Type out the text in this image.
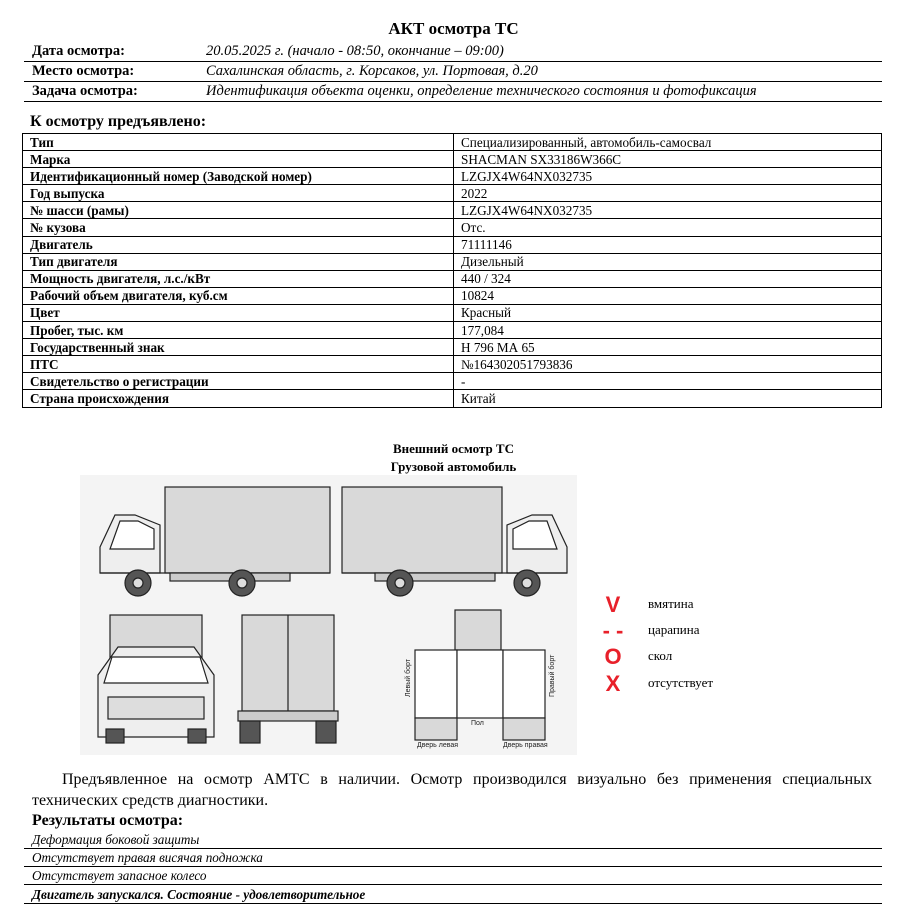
АКТ осмотра ТС
Дата осмотра:	20.05.2025 г. (начало - 08:50, окончание – 09:00)
Место осмотра:	Сахалинская область, г. Корсаков, ул. Портовая, д.20
Задача осмотра:	Идентификация объекта оценки, определение технического состояния и фотофиксация
К осмотру предъявлено:
Тип	Специализированный, автомобиль-самосвал
Марка	SHACMAN SX33186W366C
Идентификационный номер (Заводской номер)	LZGJX4W64NX032735
Год выпуска	2022
№ шасси (рамы)	LZGJX4W64NX032735
№ кузова	Отс.
Двигатель	71111146
Тип двигателя	Дизельный
Мощность двигателя, л.с./кВт	440 / 324
Рабочий объем двигателя, куб.см	10824
Цвет	Красный
Пробег, тыс. км	177,084
Государственный знак	Н 796 МА 65
ПТС	№164302051793836
Свидетельство о регистрации	-
Страна происхождения	Китай
Внешний осмотр ТС
Грузовой автомобиль
Левый борт	Правый борт
Пол
Дверь левая	Дверь правая
V	вмятина
- -	царапина
O	скол
X	отсутствует
Предъявленное на осмотр АМТС в наличии. Осмотр производился визуально без применения специальных технических средств диагностики.
Результаты осмотра:
Деформация боковой защиты
Отсутствует правая висячая подножка
Отсутствует запасное колесо
Двигатель запускался. Состояние - удовлетворительное
